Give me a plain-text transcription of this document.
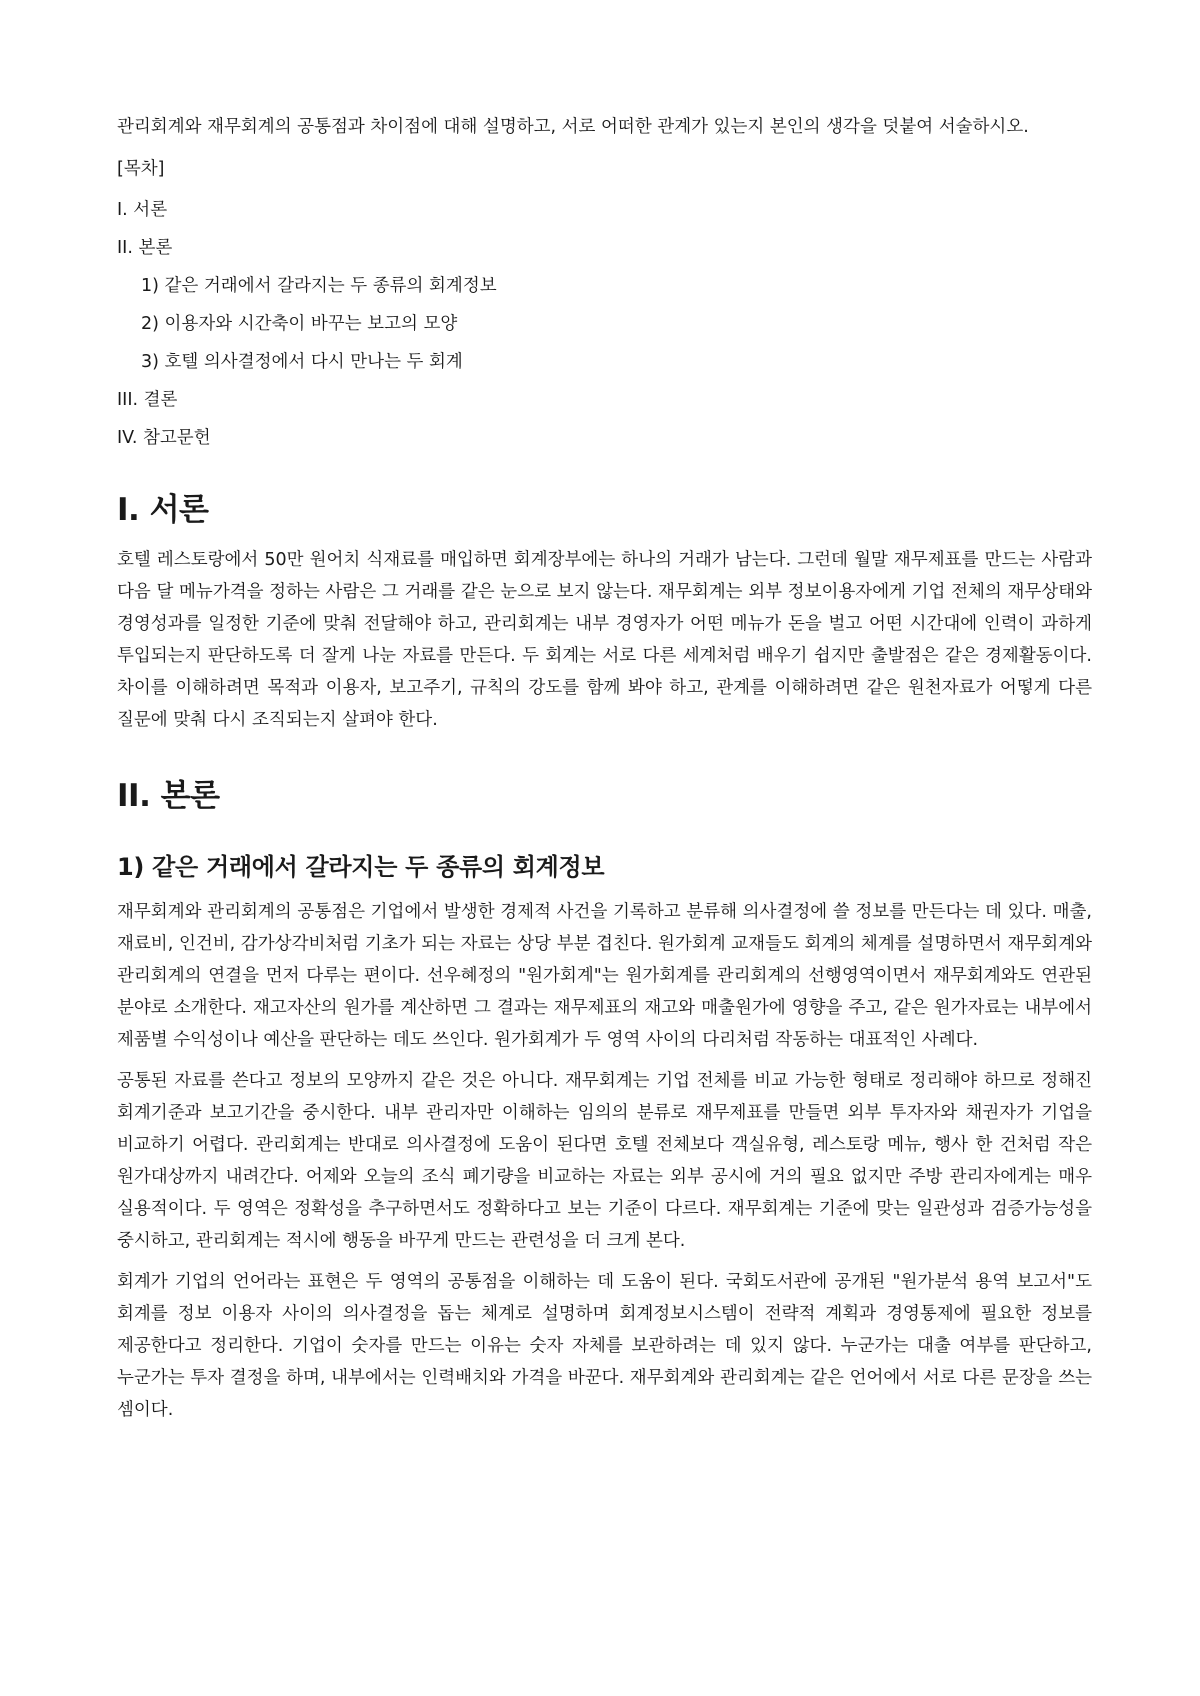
관리회계와 재무회계의 공통점과 차이점에 대해 설명하고, 서로 어떠한 관계가 있는지 본인의 생각을 덧붙여 서술하시오.

[목차]
I. 서론
II. 본론
1) 같은 거래에서 갈라지는 두 종류의 회계정보
2) 이용자와 시간축이 바꾸는 보고의 모양
3) 호텔 의사결정에서 다시 만나는 두 회계
III. 결론
IV. 참고문헌
I. 서론

호텔 레스토랑에서 50만 원어치 식재료를 매입하면 회계장부에는 하나의 거래가 남는다. 그런데 월말 재무제표를 만드는 사람과 다음 달 메뉴가격을 정하는 사람은 그 거래를 같은 눈으로 보지 않는다. 재무회계는 외부 정보이용자에게 기업 전체의 재무상태와 경영성과를 일정한 기준에 맞춰 전달해야 하고, 관리회계는 내부 경영자가 어떤 메뉴가 돈을 벌고 어떤 시간대에 인력이 과하게 투입되는지 판단하도록 더 잘게 나눈 자료를 만든다. 두 회계는 서로 다른 세계처럼 배우기 쉽지만 출발점은 같은 경제활동이다. 차이를 이해하려면 목적과 이용자, 보고주기, 규칙의 강도를 함께 봐야 하고, 관계를 이해하려면 같은 원천자료가 어떻게 다른 질문에 맞춰 다시 조직되는지 살펴야 한다.

II. 본론
1) 같은 거래에서 갈라지는 두 종류의 회계정보

재무회계와 관리회계의 공통점은 기업에서 발생한 경제적 사건을 기록하고 분류해 의사결정에 쓸 정보를 만든다는 데 있다. 매출, 재료비, 인건비, 감가상각비처럼 기초가 되는 자료는 상당 부분 겹친다. 원가회계 교재들도 회계의 체계를 설명하면서 재무회계와 관리회계의 연결을 먼저 다루는 편이다. 선우혜정의 "원가회계"는 원가회계를 관리회계의 선행영역이면서 재무회계와도 연관된 분야로 소개한다. 재고자산의 원가를 계산하면 그 결과는 재무제표의 재고와 매출원가에 영향을 주고, 같은 원가자료는 내부에서 제품별 수익성이나 예산을 판단하는 데도 쓰인다. 원가회계가 두 영역 사이의 다리처럼 작동하는 대표적인 사례다.

공통된 자료를 쓴다고 정보의 모양까지 같은 것은 아니다. 재무회계는 기업 전체를 비교 가능한 형태로 정리해야 하므로 정해진 회계기준과 보고기간을 중시한다. 내부 관리자만 이해하는 임의의 분류로 재무제표를 만들면 외부 투자자와 채권자가 기업을 비교하기 어렵다. 관리회계는 반대로 의사결정에 도움이 된다면 호텔 전체보다 객실유형, 레스토랑 메뉴, 행사 한 건처럼 작은 원가대상까지 내려간다. 어제와 오늘의 조식 폐기량을 비교하는 자료는 외부 공시에 거의 필요 없지만 주방 관리자에게는 매우 실용적이다. 두 영역은 정확성을 추구하면서도 정확하다고 보는 기준이 다르다. 재무회계는 기준에 맞는 일관성과 검증가능성을 중시하고, 관리회계는 적시에 행동을 바꾸게 만드는 관련성을 더 크게 본다.

회계가 기업의 언어라는 표현은 두 영역의 공통점을 이해하는 데 도움이 된다. 국회도서관에 공개된 "원가분석 용역 보고서"도 회계를 정보 이용자 사이의 의사결정을 돕는 체계로 설명하며 회계정보시스템이 전략적 계획과 경영통제에 필요한 정보를 제공한다고 정리한다. 기업이 숫자를 만드는 이유는 숫자 자체를 보관하려는 데 있지 않다. 누군가는 대출 여부를 판단하고, 누군가는 투자 결정을 하며, 내부에서는 인력배치와 가격을 바꾼다. 재무회계와 관리회계는 같은 언어에서 서로 다른 문장을 쓰는 셈이다.
